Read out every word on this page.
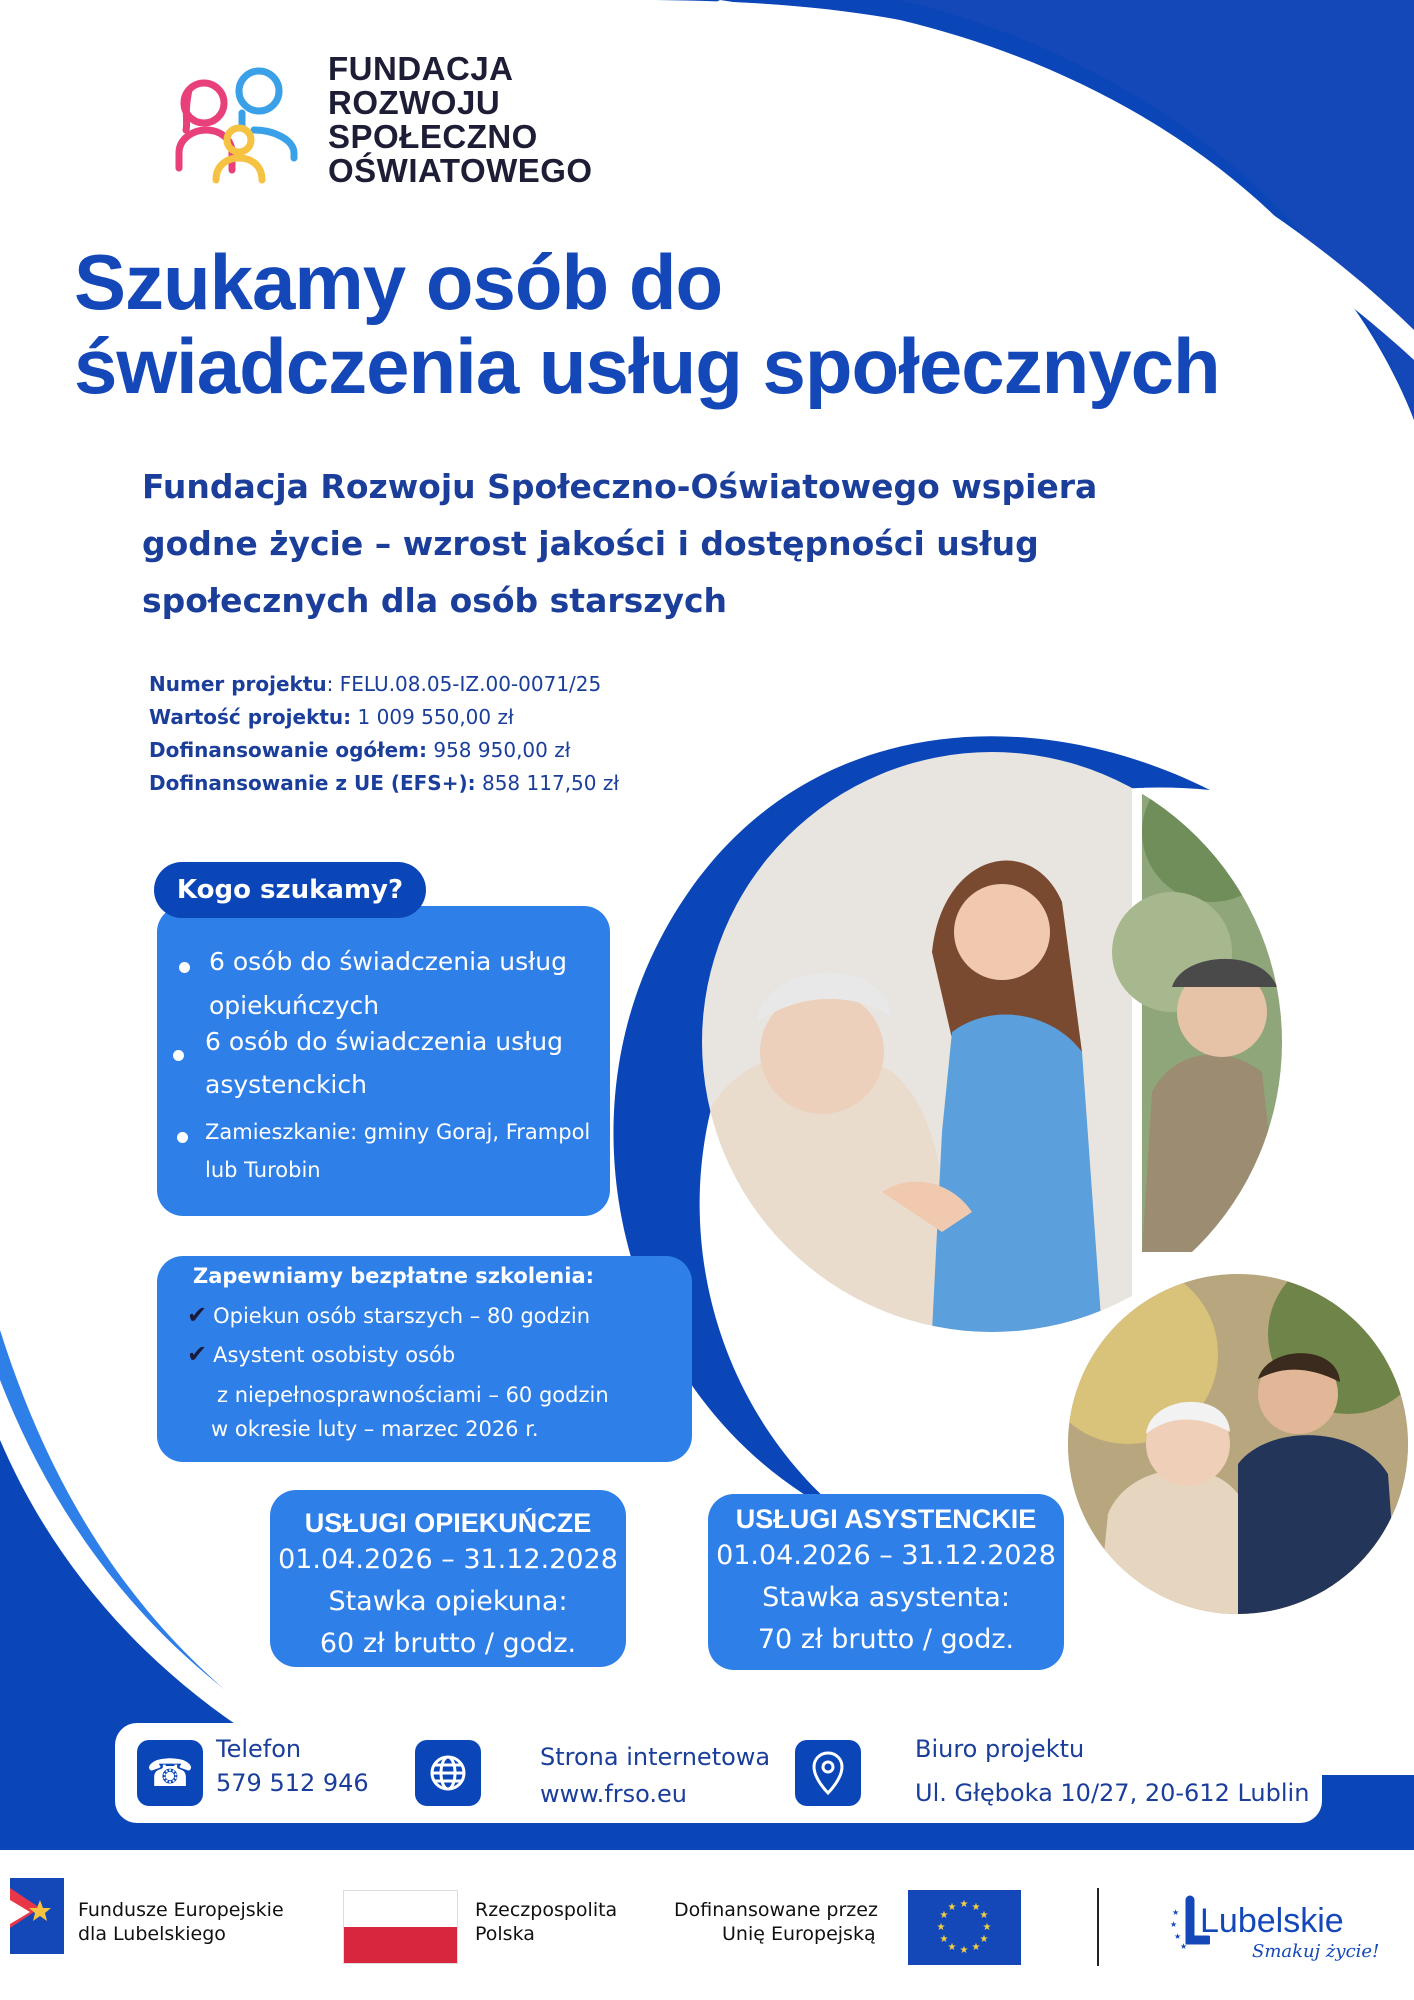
FUNDACJA
ROZWOJU
SPOŁECZNO
OŚWIATOWEGO
Szukamy osób do
świadczenia usług społecznych
Fundacja Rozwoju Społeczno-Oświatowego wspiera
godne życie – wzrost jakości i dostępności usług
społecznych dla osób starszych
Numer projektu: FELU.08.05-IZ.00-0071/25
Wartość projektu: 1 009 550,00 zł
Dofinansowanie ogółem: 958 950,00 zł
Dofinansowanie z UE (EFS+): 858 117,50 zł
Kogo szukamy?
6 osób do świadczenia usług
opiekuńczych
6 osób do świadczenia usług
asystenckich
Zamieszkanie: gminy Goraj, Frampol
lub Turobin
Zapewniamy bezpłatne szkolenia:
✔ Opiekun osób starszych – 80 godzin
✔ Asystent osobisty osób
z niepełnosprawnościami – 60 godzin
w okresie luty – marzec 2026 r.
USŁUGI OPIEKUŃCZE
01.04.2026 – 31.12.2028
Stawka opiekuna:
60 zł brutto / godz.
USŁUGI ASYSTENCKIE
01.04.2026 – 31.12.2028
Stawka asystenta:
70 zł brutto / godz.
☎
Telefon
579 512 946
Strona internetowa
www.frso.eu
Biuro projektu
Ul. Głęboka 10/27, 20-612 Lublin
Fundusze Europejskie
dla Lubelskiego
Rzeczpospolita
Polska
Dofinansowane przez
Unię Europejską
★ ★
★
★
★
★
★
★
★
★
★
★	★
★
★
★
Lubelskie
Smakuj życie!
